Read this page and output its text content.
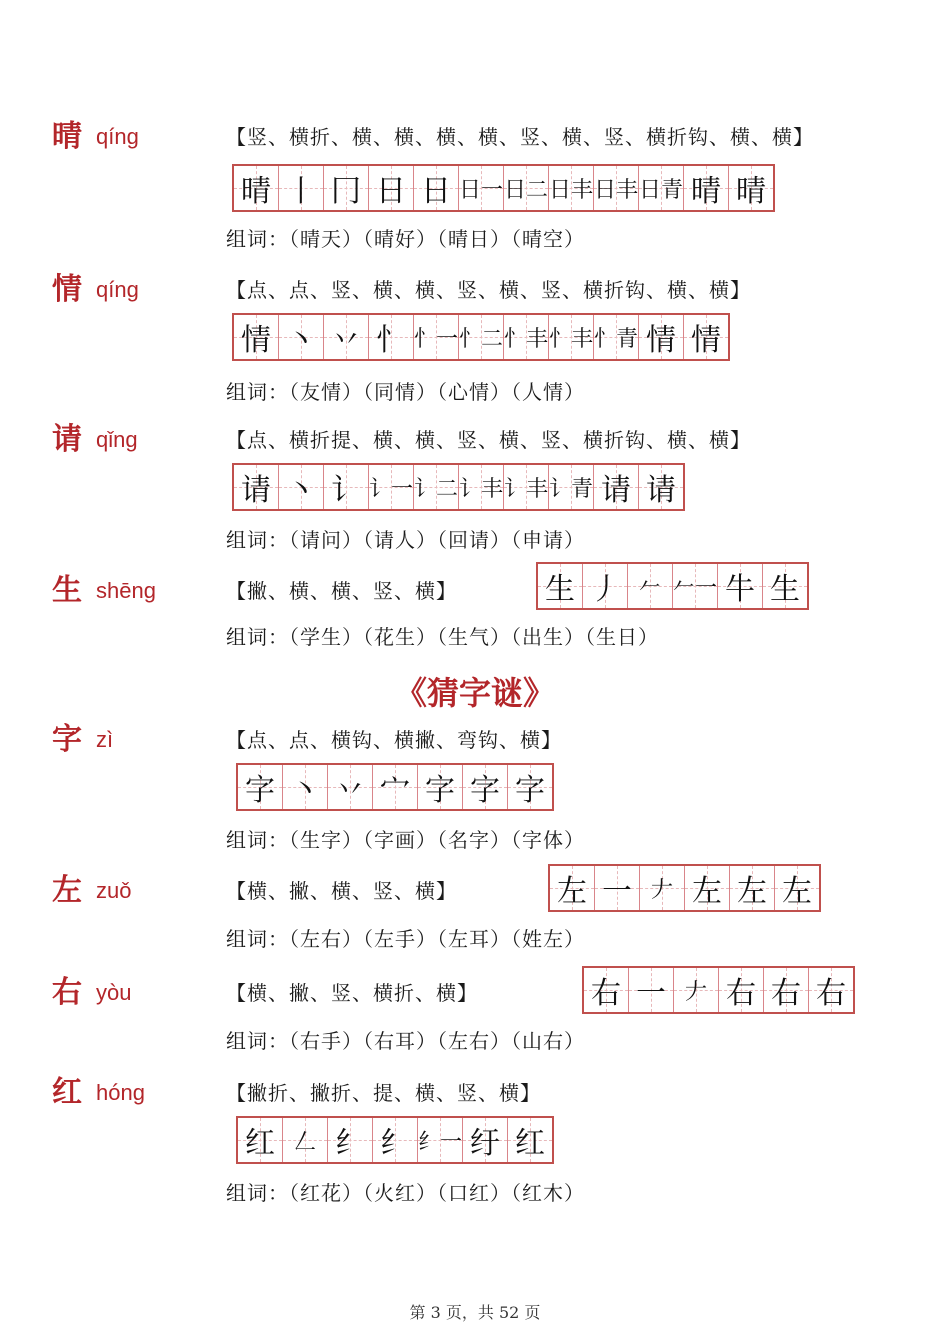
《猜字谜》
第 3 页，共 52 页
晴 qíng	【竖、横折、横、横、横、横、竖、横、竖、横折钩、横、横】
晴 丨 冂 日 日 日一 日二 日丰 日丰 日青 晴 晴
组词：（晴天）（晴好）（晴日）（晴空）
情 qíng	【点、点、竖、横、横、竖、横、竖、横折钩、横、横】
情 丶 丷 忄 忄一 忄二 忄丰 忄丰 忄青 情 情
组词：（友情）（同情）（心情）（人情）
请 qǐng	【点、横折提、横、横、竖、横、竖、横折钩、横、横】
请 丶 讠 讠一 讠二 讠丰 讠丰 讠青 请 请
组词：（请问）（请人）（回请）（申请）
生 shēng	【撇、横、横、竖、横】	生 丿 𠂉 𠂉一 牛 生
组词：（学生）（花生）（生气）（出生）（生日）
字 zì	【点、点、横钩、横撇、弯钩、横】
字 丶 丷 宀 字 字 字
组词：（生字）（字画）（名字）（字体）
左 zuǒ	【横、撇、横、竖、横】	左 一 𠂇 左 左 左
组词：（左右）（左手）（左耳）（姓左）
右 yòu	【横、撇、竖、横折、横】	右 一 𠂇 右 右 右
组词：（右手）（右耳）（左右）（山右）
红 hóng	【撇折、撇折、提、横、竖、横】
红 𠃋 纟 纟 纟一 纡 红
组词：（红花）（火红）（口红）（红木）
